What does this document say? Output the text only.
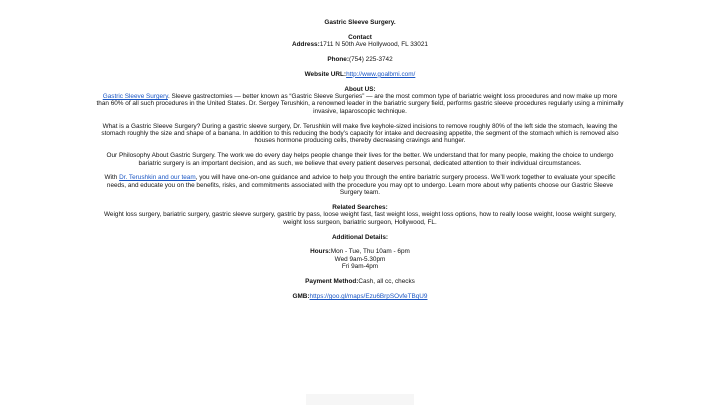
Gastric Sleeve Surgery.

Contact

Address:1711 N 50th Ave Hollywood, FL 33021

Phone:(754) 225-3742

Website URL:http://www.goalbmi.com/

About US:

Gastric Sleeve Surgery. Sleeve gastrectomies — better known as “Gastric Sleeve Surgeries” — are the most common type of bariatric weight loss procedures and now make up more than 60% of all such procedures in the United States. Dr. Sergey Terushkin, a renowned leader in the bariatric surgery field, performs gastric sleeve procedures regularly using a minimally invasive, laparoscopic technique.

What is a Gastric Sleeve Surgery? During a gastric sleeve surgery, Dr. Terushkin will make five keyhole-sized incisions to remove roughly 80% of the left side the stomach, leaving the stomach roughly the size and shape of a banana. In addition to this reducing the body’s capacity for intake and decreasing appetite, the segment of the stomach which is removed also houses hormone producing cells, thereby decreasing cravings and hunger.

Our Philosophy About Gastric Surgery. The work we do every day helps people change their lives for the better. We understand that for many people, making the choice to undergo bariatric surgery is an important decision, and as such, we believe that every patient deserves personal, dedicated attention to their individual circumstances.

With Dr. Terushkin and our team, you will have one-on-one guidance and advice to help you through the entire bariatric surgery process. We’ll work together to evaluate your specific needs, and educate you on the benefits, risks, and commitments associated with the procedure you may opt to undergo. Learn more about why patients choose our Gastric Sleeve Surgery team.

Related Searches:

Weight loss surgery, bariatric surgery, gastric sleeve surgery, gastric by pass, loose weight fast, fast weight loss, weight loss options, how to really loose weight, loose weight surgery, weight loss surgeon, bariatric surgeon, Hollywood, FL.

Additional Details:

Hours:Mon - Tue, Thu 10am - 6pm

Wed 9am-5.30pm

Fri 9am-4pm

Payment Method:Cash, all cc, checks

GMB:https://goo.gl/maps/Ezu6BrpSOvfeTBqU9
